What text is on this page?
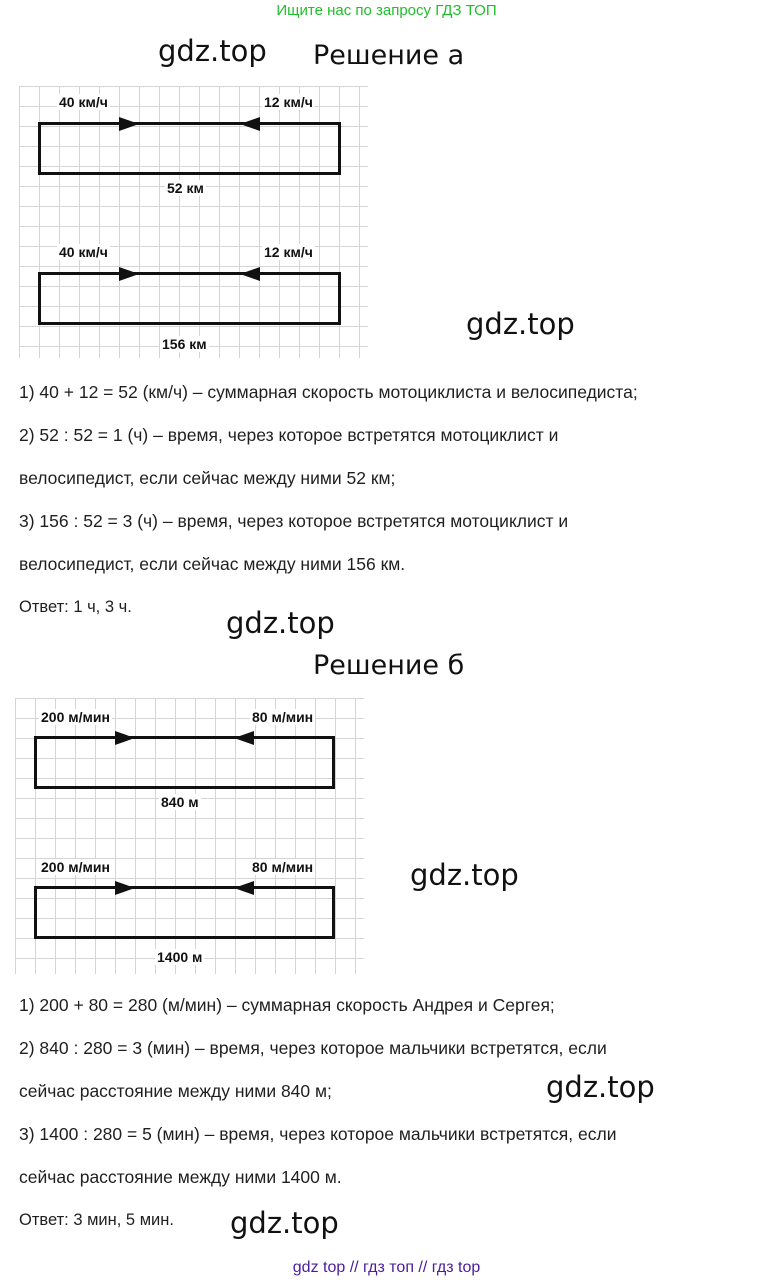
Ищите нас по запросу ГДЗ ТОП
gdz.top
gdz.top
gdz.top
gdz.top
gdz.top
gdz.top
Решение а
40 км/ч	12 км/ч
52 км
40 км/ч	12 км/ч
156 км
1) 40 + 12 = 52 (км/ч) – суммарная скорость мотоциклиста и велосипедиста;
2) 52 : 52 = 1 (ч) – время, через которое встретятся мотоциклист и
велосипедист, если сейчас между ними 52 км;
3) 156 : 52 = 3 (ч) – время, через которое встретятся мотоциклист и
велосипедист, если сейчас между ними 156 км.
Ответ: 1 ч, 3 ч.
Решение б
200 м/мин	80 м/мин
840 м
200 м/мин	80 м/мин
1400 м
1) 200 + 80 = 280 (м/мин) – суммарная скорость Андрея и Сергея;
2) 840 : 280 = 3 (мин) – время, через которое мальчики встретятся, если
сейчас расстояние между ними 840 м;
3) 1400 : 280 = 5 (мин) – время, через которое мальчики встретятся, если
сейчас расстояние между ними 1400 м.
Ответ: 3 мин, 5 мин.
gdz top // гдз топ // гдз top
